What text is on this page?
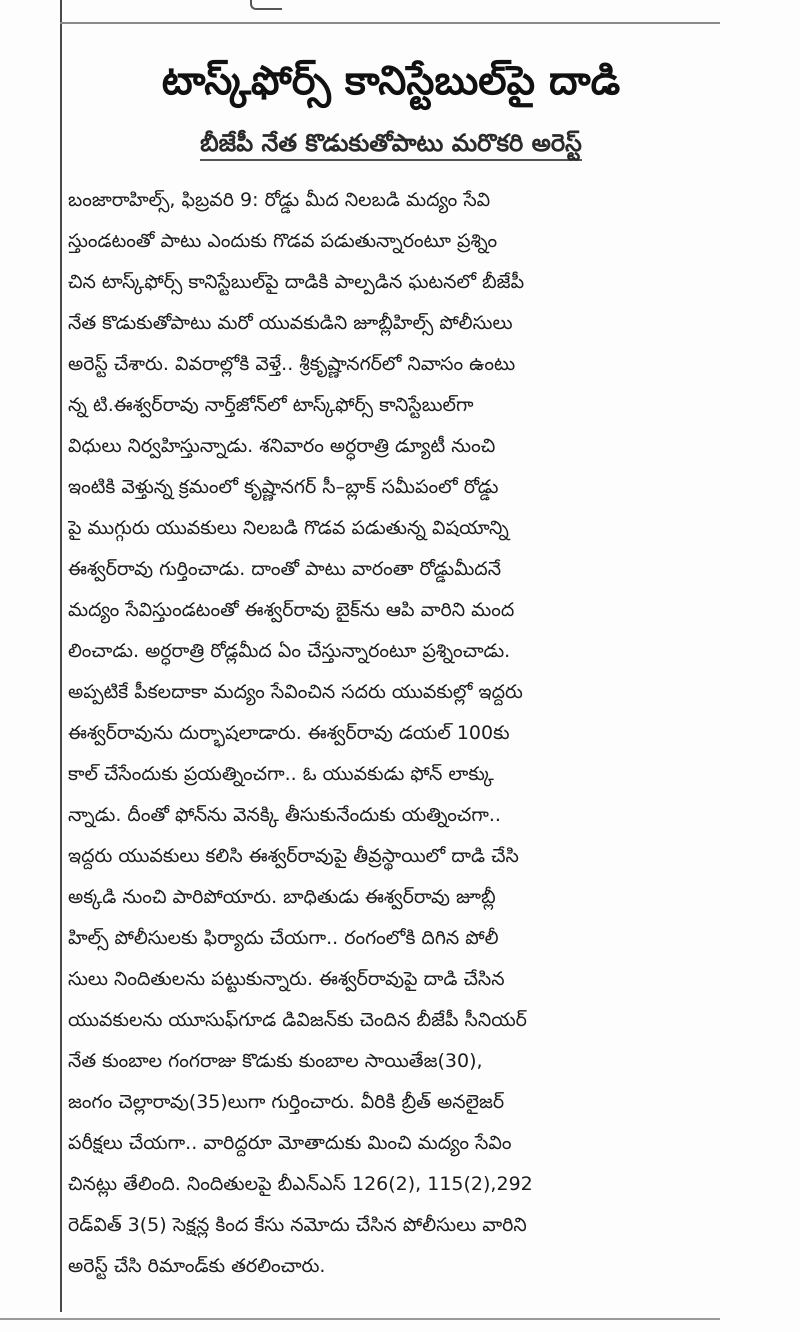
టాస్క్‌ఫోర్స్ కానిస్టేబుల్‌పై దాడి
బీజేపీ నేత కొడుకుతోపాటు మరొకరి అరెస్ట్
బంజారాహిల్స్, ఫిబ్రవరి 9: రోడ్డు మీద నిలబడి మద్యం సేవి
స్తుండటంతో పాటు ఎందుకు గొడవ పడుతున్నారంటూ ప్రశ్నిం
చిన టాస్క్‌ఫోర్స్ కానిస్టేబుల్‌పై దాడికి పాల్పడిన ఘటనలో బీజేపీ
నేత కొడుకుతోపాటు మరో యువకుడిని జూబ్లీహిల్స్ పోలీసులు
అరెస్ట్ చేశారు. వివరాల్లోకి వెళ్తే.. శ్రీకృష్ణానగర్‌లో నివాసం ఉంటు
న్న టి.ఈశ్వర్‌రావు నార్త్‌జోన్‌లో టాస్క్‌ఫోర్స్ కానిస్టేబుల్‌గా
విధులు నిర్వహిస్తున్నాడు. శనివారం అర్ధరాత్రి డ్యూటీ నుంచి
ఇంటికి వెళ్తున్న క్రమంలో కృష్ణానగర్ సీ–బ్లాక్ సమీపంలో రోడ్డు
పై ముగ్గురు యువకులు నిలబడి గొడవ పడుతున్న విషయాన్ని
ఈశ్వర్‌రావు గుర్తించాడు. దాంతో పాటు వారంతా రోడ్డుమీదనే
మద్యం సేవిస్తుండటంతో ఈశ్వర్‌రావు బైక్‌ను ఆపి వారిని మంద
లించాడు. అర్ధరాత్రి రోడ్లమీద ఏం చేస్తున్నారంటూ ప్రశ్నించాడు.
అప్పటికే పీకలదాకా మద్యం సేవించిన సదరు యువకుల్లో ఇద్దరు
ఈశ్వర్‌రావును దుర్భాషలాడారు. ఈశ్వర్‌రావు డయల్ 100కు
కాల్ చేసేందుకు ప్రయత్నించగా.. ఓ యువకుడు ఫోన్ లాక్కు
న్నాడు. దీంతో ఫోన్‌ను వెనక్కి తీసుకునేందుకు యత్నించగా..
ఇద్దరు యువకులు కలిసి ఈశ్వర్‌రావుపై తీవ్రస్థాయిలో దాడి చేసి
అక్కడి నుంచి పారిపోయారు. బాధితుడు ఈశ్వర్‌రావు జూబ్లీ
హిల్స్ పోలీసులకు ఫిర్యాదు చేయగా.. రంగంలోకి దిగిన పోలీ
సులు నిందితులను పట్టుకున్నారు. ఈశ్వర్‌రావుపై దాడి చేసిన
యువకులను యూసుఫ్‌గూడ డివిజన్‌కు చెందిన బీజేపీ సీనియర్
నేత కుంబాల గంగరాజు కొడుకు కుంబాల సాయితేజ(30),
జంగం చెల్లారావు(35)లుగా గుర్తించారు. వీరికి బ్రీత్ అనలైజర్
పరీక్షలు చేయగా.. వారిద్దరూ మోతాదుకు మించి మద్యం సేవిం
చినట్లు తేలింది. నిందితులపై బీఎన్ఎస్ 126(2), 115(2),292
రెడ్‌విత్ 3(5) సెక్షన్ల కింద కేసు నమోదు చేసిన పోలీసులు వారిని
అరెస్ట్ చేసి రిమాండ్‌కు తరలించారు.
